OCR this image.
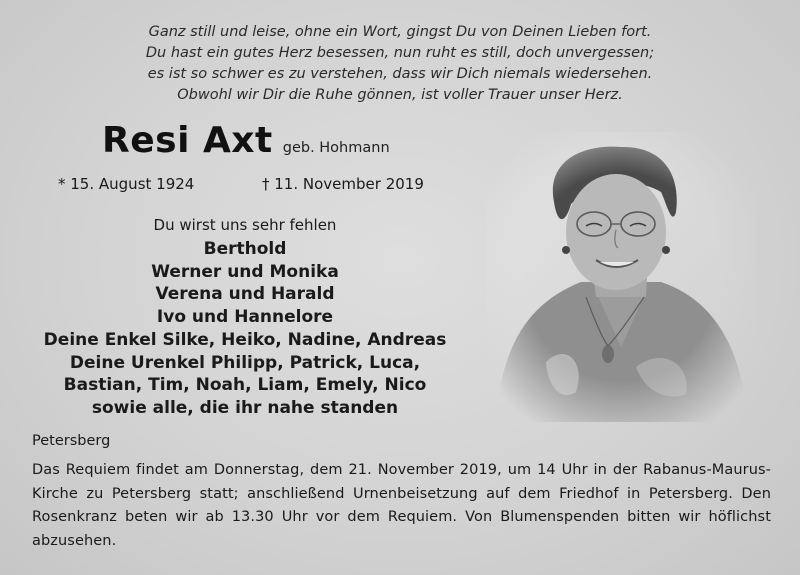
Ganz still und leise, ohne ein Wort, gingst Du von Deinen Lieben fort.
Du hast ein gutes Herz besessen, nun ruht es still, doch unvergessen;
es ist so schwer es zu verstehen, dass wir Dich niemals wiedersehen.
Obwohl wir Dir die Ruhe gönnen, ist voller Trauer unser Herz.
Resi Axt geb. Hohmann
* 15. August 1924	† 11. November 2019
Du wirst uns sehr fehlen
Berthold
Werner und Monika
Verena und Harald
Ivo und Hannelore
Deine Enkel Silke, Heiko, Nadine, Andreas
Deine Urenkel Philipp, Patrick, Luca,
Bastian, Tim, Noah, Liam, Emely, Nico
sowie alle, die ihr nahe standen
Petersberg
Das Requiem findet am Donnerstag, dem 21. November 2019, um 14 Uhr in der Rabanus-Maurus-Kirche zu Petersberg statt; anschließend Urnenbeisetzung auf dem Friedhof in Petersberg. Den Rosenkranz beten wir ab 13.30 Uhr vor dem Requiem. Von Blumenspenden bitten wir höflichst abzusehen.
